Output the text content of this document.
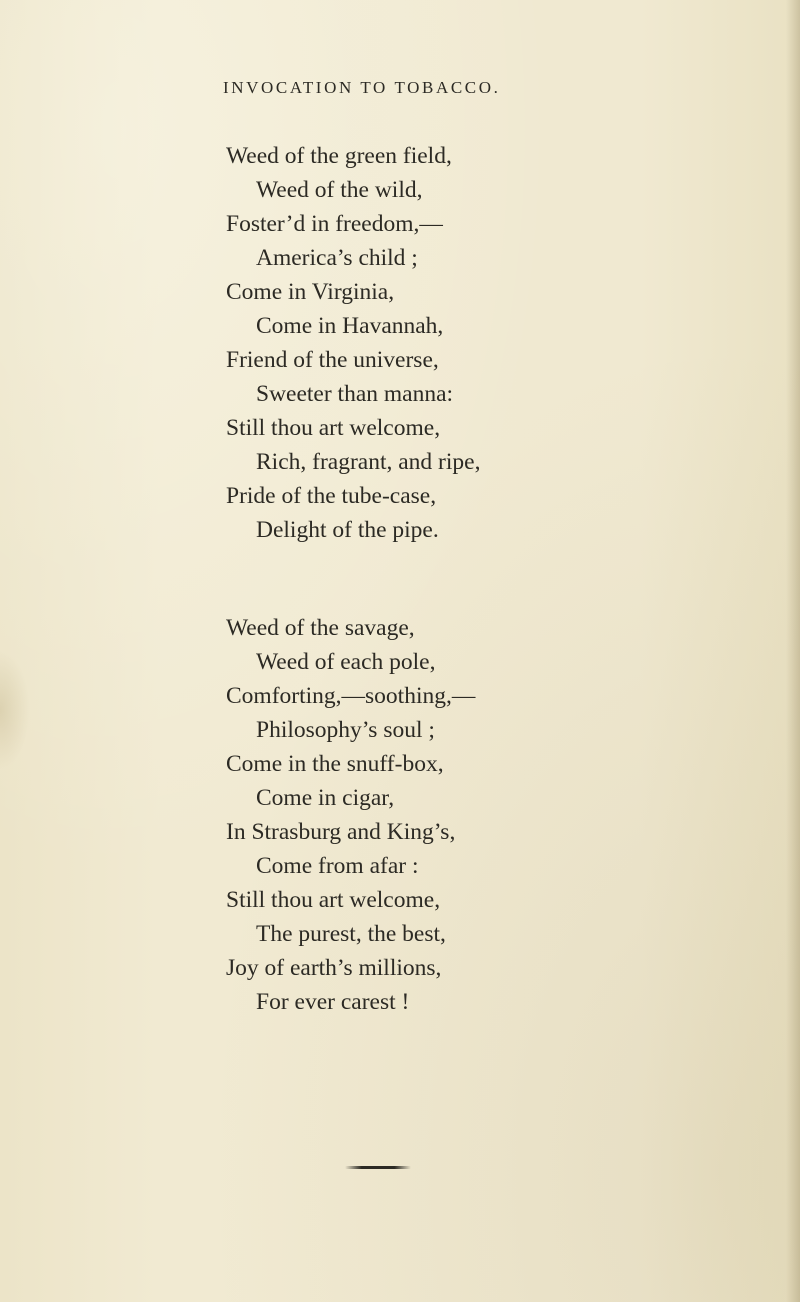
INVOCATION TO TOBACCO.
Weed of the green field,
Weed of the wild,
Foster’d in freedom,—
America’s child ;
Come in Virginia,
Come in Havannah,
Friend of the universe,
Sweeter than manna:
Still thou art welcome,
Rich, fragrant, and ripe,
Pride of the tube-case,
Delight of the pipe.
Weed of the savage,
Weed of each pole,
Comforting,—soothing,—
Philosophy’s soul ;
Come in the snuff-box,
Come in cigar,
In Strasburg and King’s,
Come from afar :
Still thou art welcome,
The purest, the best,
Joy of earth’s millions,
For ever carest !
